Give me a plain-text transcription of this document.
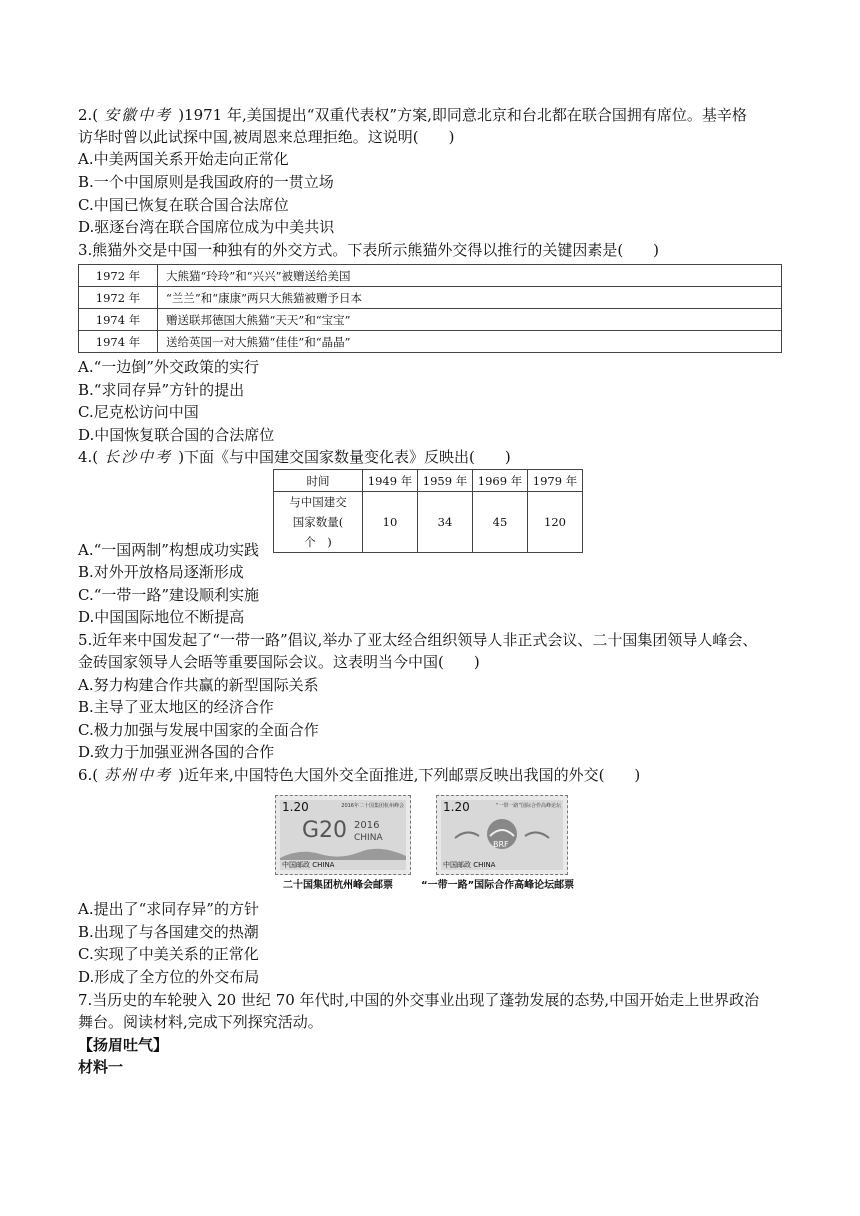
2.( 安徽中考 )1971 年,美国提出“双重代表权”方案,即同意北京和台北都在联合国拥有席位。基辛格
访华时曾以此试探中国,被周恩来总理拒绝。这说明(　　)
A.中美两国关系开始走向正常化
B.一个中国原则是我国政府的一贯立场
C.中国已恢复在联合国合法席位
D.驱逐台湾在联合国席位成为中美共识
3.熊猫外交是中国一种独有的外交方式。下表所示熊猫外交得以推行的关键因素是(　　)
1972 年	大熊猫“玲玲”和“兴兴”被赠送给美国
1972 年	“兰兰”和“康康”两只大熊猫被赠予日本
1974 年	赠送联邦德国大熊猫“天天”和“宝宝”
1974 年	送给英国一对大熊猫“佳佳”和“晶晶”
A.“一边倒”外交政策的实行
B.“求同存异”方针的提出
C.尼克松访问中国
D.中国恢复联合国的合法席位
4.( 长沙中考 )下面《与中国建交国家数量变化表》反映出(　　)
时间	1949 年	1959 年	1969 年	1979 年

与中国建交
国家数量(　个　)	10	34	45	120
A.“一国两制”构想成功实践
B.对外开放格局逐渐形成
C.“一带一路”建设顺利实施
D.中国国际地位不断提高
5.近年来中国发起了“一带一路”倡议,举办了亚太经合组织领导人非正式会议、二十国集团领导人峰会、
金砖国家领导人会晤等重要国际会议。这表明当今中国(　　)
A.努力构建合作共赢的新型国际关系
B.主导了亚太地区的经济合作
C.极力加强与发展中国家的全面合作
D.致力于加强亚洲各国的合作
6.( 苏州中考 )近年来,中国特色大国外交全面推进,下列邮票反映出我国的外交(　　)
1.20	2016年二十国集团杭州峰会
G20 2016
CHINA
中国邮政 CHINA
二十国集团杭州峰会邮票
1.20	“一带一路”国际合作高峰论坛
BRF
中国邮政 CHINA
“一带一路”国际合作高峰论坛邮票
A.提出了“求同存异”的方针
B.出现了与各国建交的热潮
C.实现了中美关系的正常化
D.形成了全方位的外交布局
7.当历史的车轮驶入 20 世纪 70 年代时,中国的外交事业出现了蓬勃发展的态势,中国开始走上世界政治
舞台。阅读材料,完成下列探究活动。
【扬眉吐气】
材料一
